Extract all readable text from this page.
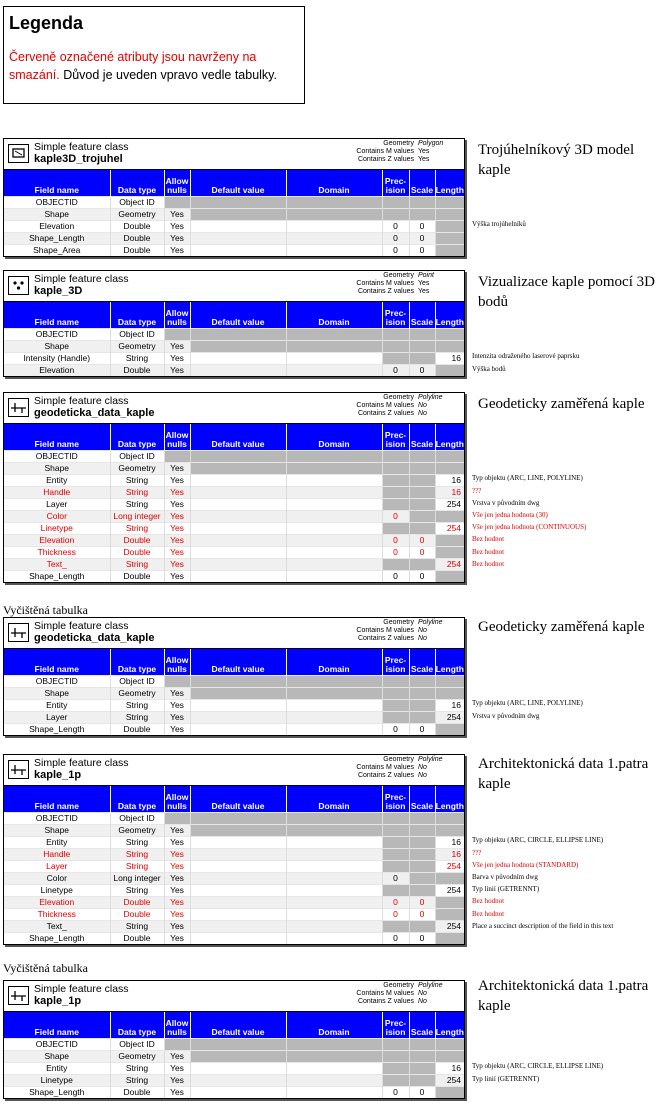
Legenda

Červeně označené atributy jsou navrženy na smazání. Důvod je uveden vpravo vedle tabulky.

Simple feature class
kaple3D_trojuhel
Geometry Polygon
Contains M values Yes
Contains Z values Yes
Field name	Data type	Allow
nulls	Default value	Domain	Prec-
ision	Scale	Length
OBJECTID	Object ID						
Shape	Geometry	Yes					
Elevation	Double	Yes			0	0	
Shape_Length	Double	Yes			0	0	
Shape_Area	Double	Yes			0	0	
Výška trojúhelníků
Trojúhelníkový 3D model kaple
Simple feature class
kaple_3D
Geometry Point
Contains M values Yes
Contains Z values Yes
Field name	Data type	Allow
nulls	Default value	Domain	Prec-
ision	Scale	Length
OBJECTID	Object ID						
Shape	Geometry	Yes					
Intensity (Handle)	String	Yes					16
Elevation	Double	Yes			0	0	
Intenzita odraženého laserové paprsku
Výška bodů
Vizualizace kaple pomocí 3D bodů
Simple feature class
geodeticka_data_kaple
Geometry Polyline
Contains M values No
Contains Z values No
Field name	Data type	Allow
nulls	Default value	Domain	Prec-
ision	Scale	Length
OBJECTID	Object ID						
Shape	Geometry	Yes					
Entity	String	Yes					16
Handle	String	Yes					16
Layer	String	Yes					254
Color	Long integer	Yes			0		
Linetype	String	Yes					254
Elevation	Double	Yes			0	0	
Thickness	Double	Yes			0	0	
Text_	String	Yes					254
Shape_Length	Double	Yes			0	0	
Typ objektu (ARC, LINE, POLYLINE)
???
Vrstva v původním dwg
Vše jen jedna hodnota (30)
Vše jen jedna hodnota (CONTINUOUS)
Bez hodnot
Bez hodnot
Bez hodnot
Geodeticky zaměřená kaple
Vyčištěná tabulka
Simple feature class
geodeticka_data_kaple
Geometry Polyline
Contains M values No
Contains Z values No
Field name	Data type	Allow
nulls	Default value	Domain	Prec-
ision	Scale	Length
OBJECTID	Object ID						
Shape	Geometry	Yes					
Entity	String	Yes					16
Layer	String	Yes					254
Shape_Length	Double	Yes			0	0	
Typ objektu (ARC, LINE, POLYLINE)
Vrstva v původním dwg
Geodeticky zaměřená kaple
Simple feature class
kaple_1p
Geometry Polyline
Contains M values No
Contains Z values No
Field name	Data type	Allow
nulls	Default value	Domain	Prec-
ision	Scale	Length
OBJECTID	Object ID						
Shape	Geometry	Yes					
Entity	String	Yes					16
Handle	String	Yes					16
Layer	String	Yes					254
Color	Long integer	Yes			0		
Linetype	String	Yes					254
Elevation	Double	Yes			0	0	
Thickness	Double	Yes			0	0	
Text_	String	Yes					254
Shape_Length	Double	Yes			0	0	
Typ objektu (ARC, CIRCLE, ELLIPSE LINE)
???
Vše jen jedna hodnota (STANDARD)
Barva v původním dwg
Typ linií (GETRENNT)
Bez hodnot
Bez hodnot
Place a succinct description of the field in this text
Architektonická data 1.patra kaple
Vyčištěná tabulka
Simple feature class
kaple_1p
Geometry Polyline
Contains M values No
Contains Z values No
Field name	Data type	Allow
nulls	Default value	Domain	Prec-
ision	Scale	Length
OBJECTID	Object ID						
Shape	Geometry	Yes					
Entity	String	Yes					16
Linetype	String	Yes					254
Shape_Length	Double	Yes			0	0	
Typ objektu (ARC, CIRCLE, ELLIPSE LINE)
Typ linií (GETRENNT)
Architektonická data 1.patra kaple
